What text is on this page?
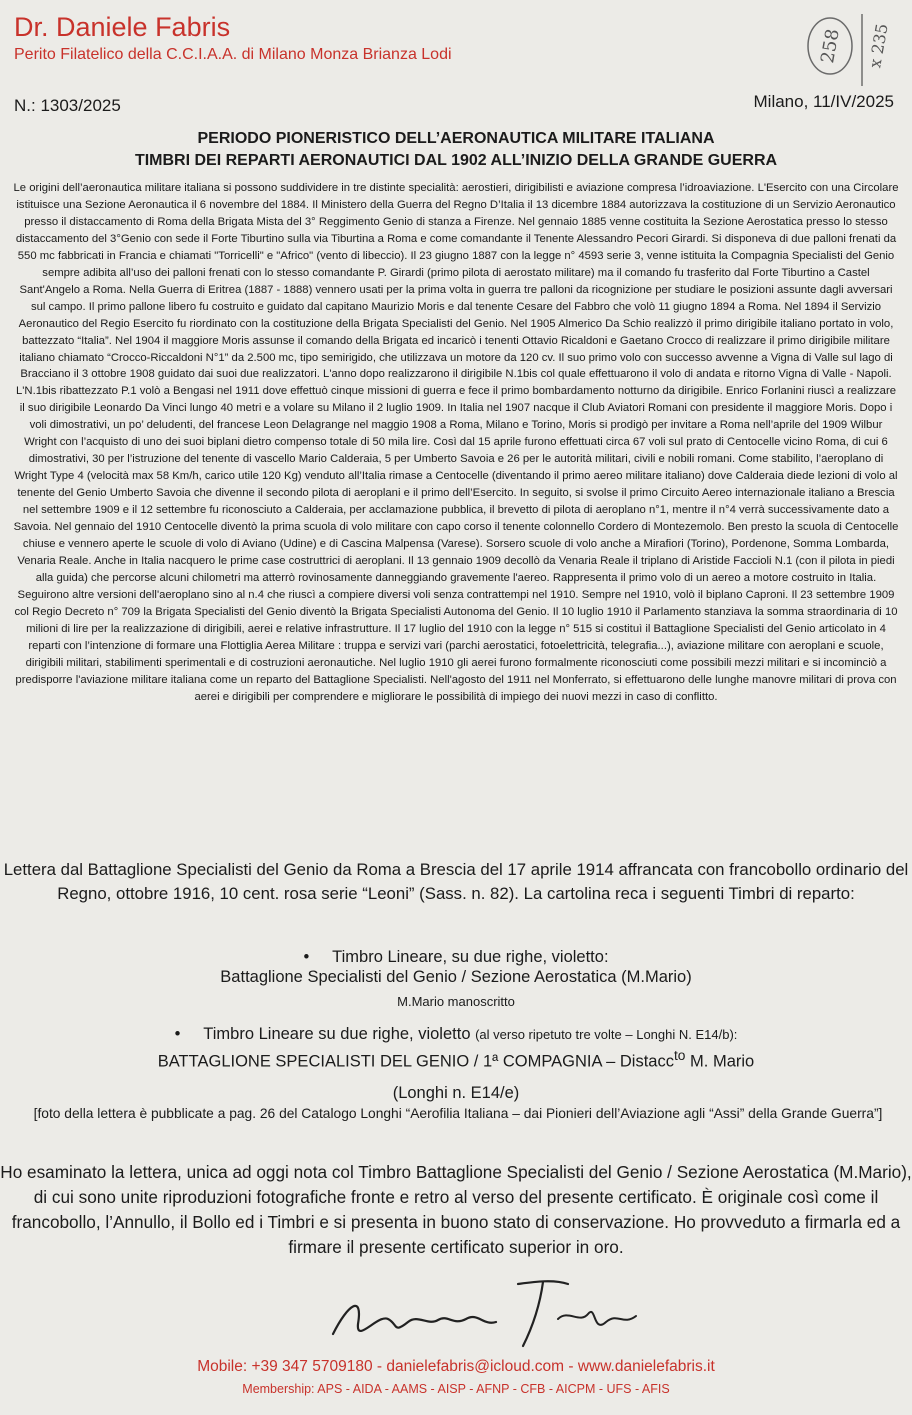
Dr. Daniele Fabris
Perito Filatelico della C.C.I.A.A. di Milano Monza Brianza Lodi	258 x 235
N.: 1303/2025	Milano, 11/IV/2025
PERIODO PIONERISTICO DELL’AERONAUTICA MILITARE ITALIANA
TIMBRI DEI REPARTI AERONAUTICI DAL 1902 ALL’INIZIO DELLA GRANDE GUERRA

Le origini dell’aeronautica militare italiana si possono suddividere in tre distinte specialità: aerostieri, dirigibilisti e aviazione compresa l’idroaviazione. L'Esercito con una Circolare istituisce una Sezione Aeronautica il 6 novembre del 1884. Il Ministero della Guerra del Regno D’Italia il 13 dicembre 1884 autorizzava la costituzione di un Servizio Aeronautico presso il distaccamento di Roma della Brigata Mista del 3° Reggimento Genio di stanza a Firenze. Nel gennaio 1885 venne costituita la Sezione Aerostatica presso lo stesso distaccamento del 3°Genio con sede il Forte Tiburtino sulla via Tiburtina a Roma e come comandante il Tenente Alessandro Pecori Girardi. Si disponeva di due palloni frenati da 550 mc fabbricati in Francia e chiamati "Torricelli" e "Africo" (vento di libeccio). Il 23 giugno 1887 con la legge n° 4593 serie 3, venne istituita la Compagnia Specialisti del Genio sempre adibita all’uso dei palloni frenati con lo stesso comandante P. Girardi (primo pilota di aerostato militare) ma il comando fu trasferito dal Forte Tiburtino a Castel Sant'Angelo a Roma. Nella Guerra di Eritrea (1887 - 1888) vennero usati per la prima volta in guerra tre palloni da ricognizione per studiare le posizioni assunte dagli avversari sul campo. Il primo pallone libero fu costruito e guidato dal capitano Maurizio Moris e dal tenente Cesare del Fabbro che volò 11 giugno 1894 a Roma. Nel 1894 il Servizio Aeronautico del Regio Esercito fu riordinato con la costituzione della Brigata Specialisti del Genio. Nel 1905 Almerico Da Schio realizzò il primo dirigibile italiano portato in volo, battezzato “Italia”. Nel 1904 il maggiore Moris assunse il comando della Brigata ed incaricò i tenenti Ottavio Ricaldoni e Gaetano Crocco di realizzare il primo dirigibile militare italiano chiamato “Crocco-Riccaldoni N°1” da 2.500 mc, tipo semirigido, che utilizzava un motore da 120 cv. Il suo primo volo con successo avvenne a Vigna di Valle sul lago di Bracciano il 3 ottobre 1908 guidato dai suoi due realizzatori. L'anno dopo realizzarono il dirigibile N.1bis col quale effettuarono il volo di andata e ritorno Vigna di Valle - Napoli. L'N.1bis ribattezzato P.1 volò a Bengasi nel 1911 dove effettuò cinque missioni di guerra e fece il primo bombardamento notturno da dirigibile. Enrico Forlanini riuscì a realizzare il suo dirigibile Leonardo Da Vinci lungo 40 metri e a volare su Milano il 2 luglio 1909. In Italia nel 1907 nacque il Club Aviatori Romani con presidente il maggiore Moris. Dopo i voli dimostrativi, un po’ deludenti, del francese Leon Delagrange nel maggio 1908 a Roma, Milano e Torino, Moris si prodigò per invitare a Roma nell’aprile del 1909 Wilbur Wright con l’acquisto di uno dei suoi biplani dietro compenso totale di 50 mila lire. Così dal 15 aprile furono effettuati circa 67 voli sul prato di Centocelle vicino Roma, di cui 6 dimostrativi, 30 per l’istruzione del tenente di vascello Mario Calderaia, 5 per Umberto Savoia e 26 per le autorità militari, civili e nobili romani. Come stabilito, l’aeroplano di Wright Type 4 (velocità max 58 Km/h, carico utile 120 Kg) venduto all’Italia rimase a Centocelle (diventando il primo aereo militare italiano) dove Calderaia diede lezioni di volo al tenente del Genio Umberto Savoia che divenne il secondo pilota di aeroplani e il primo dell’Esercito. In seguito, si svolse il primo Circuito Aereo internazionale italiano a Brescia nel settembre 1909 e il 12 settembre fu riconosciuto a Calderaia, per acclamazione pubblica, il brevetto di pilota di aeroplano n°1, mentre il n°4 verrà successivamente dato a Savoia. Nel gennaio del 1910 Centocelle diventò la prima scuola di volo militare con capo corso il tenente colonnello Cordero di Montezemolo. Ben presto la scuola di Centocelle chiuse e vennero aperte le scuole di volo di Aviano (Udine) e di Cascina Malpensa (Varese). Sorsero scuole di volo anche a Mirafiori (Torino), Pordenone, Somma Lombarda, Venaria Reale. Anche in Italia nacquero le prime case costruttrici di aeroplani. Il 13 gennaio 1909 decollò da Venaria Reale il triplano di Aristide Faccioli N.1 (con il pilota in piedi alla guida) che percorse alcuni chilometri ma atterrò rovinosamente danneggiando gravemente l'aereo. Rappresenta il primo volo di un aereo a motore costruito in Italia. Seguirono altre versioni dell'aeroplano sino al n.4 che riuscì a compiere diversi voli senza contrattempi nel 1910. Sempre nel 1910, volò il biplano Caproni. Il 23 settembre 1909 col Regio Decreto n° 709 la Brigata Specialisti del Genio diventò la Brigata Specialisti Autonoma del Genio. Il 10 luglio 1910 il Parlamento stanziava la somma straordinaria di 10 milioni di lire per la realizzazione di dirigibili, aerei e relative infrastrutture. Il 17 luglio del 1910 con la legge n° 515 si costituì il Battaglione Specialisti del Genio articolato in 4 reparti con l’intenzione di formare una Flottiglia Aerea Militare : truppa e servizi vari (parchi aerostatici, fotoelettricità, telegrafia...), aviazione militare con aeroplani e scuole, dirigibili militari, stabilimenti sperimentali e di costruzioni aeronautiche. Nel luglio 1910 gli aerei furono formalmente riconosciuti come possibili mezzi militari e si incominciò a predisporre l'aviazione militare italiana come un reparto del Battaglione Specialisti. Nell'agosto del 1911 nel Monferrato, si effettuarono delle lunghe manovre militari di prova con aerei e dirigibili per comprendere e migliorare le possibilità di impiego dei nuovi mezzi in caso di conflitto.

Lettera dal Battaglione Specialisti del Genio da Roma a Brescia del 17 aprile 1914 affrancata con francobollo ordinario del Regno, ottobre 1916, 10 cent. rosa serie “Leoni” (Sass. n. 82). La cartolina reca i seguenti Timbri di reparto:

•     Timbro Lineare, su due righe, violetto:
Battaglione Specialisti del Genio / Sezione Aerostatica (M.Mario)
M.Mario manoscritto
•     Timbro Lineare su due righe, violetto (al verso ripetuto tre volte – Longhi N. E14/b):
BATTAGLIONE SPECIALISTI DEL GENIO / 1ª COMPAGNIA – Distacc$^{to}$ M. Mario
(Longhi n. E14/e)

[foto della lettera è pubblicate a pag. 26 del Catalogo Longhi “Aerofilia Italiana – dai Pionieri dell’Aviazione agli “Assi” della Grande Guerra”]

Ho esaminato la lettera, unica ad oggi nota col Timbro Battaglione Specialisti del Genio / Sezione Aerostatica (M.Mario), di cui sono unite riproduzioni fotografiche fronte e retro al verso del presente certificato. È originale così come il francobollo, l’Annullo, il Bollo ed i Timbri e si presenta in buono stato di conservazione. Ho provveduto a firmarla ed a firmare il presente certificato superior in oro.

Mobile: +39 347 5709180 - danielefabris@icloud.com - www.danielefabris.it
Membership: APS - AIDA - AAMS - AISP - AFNP - CFB - AICPM - UFS - AFIS
